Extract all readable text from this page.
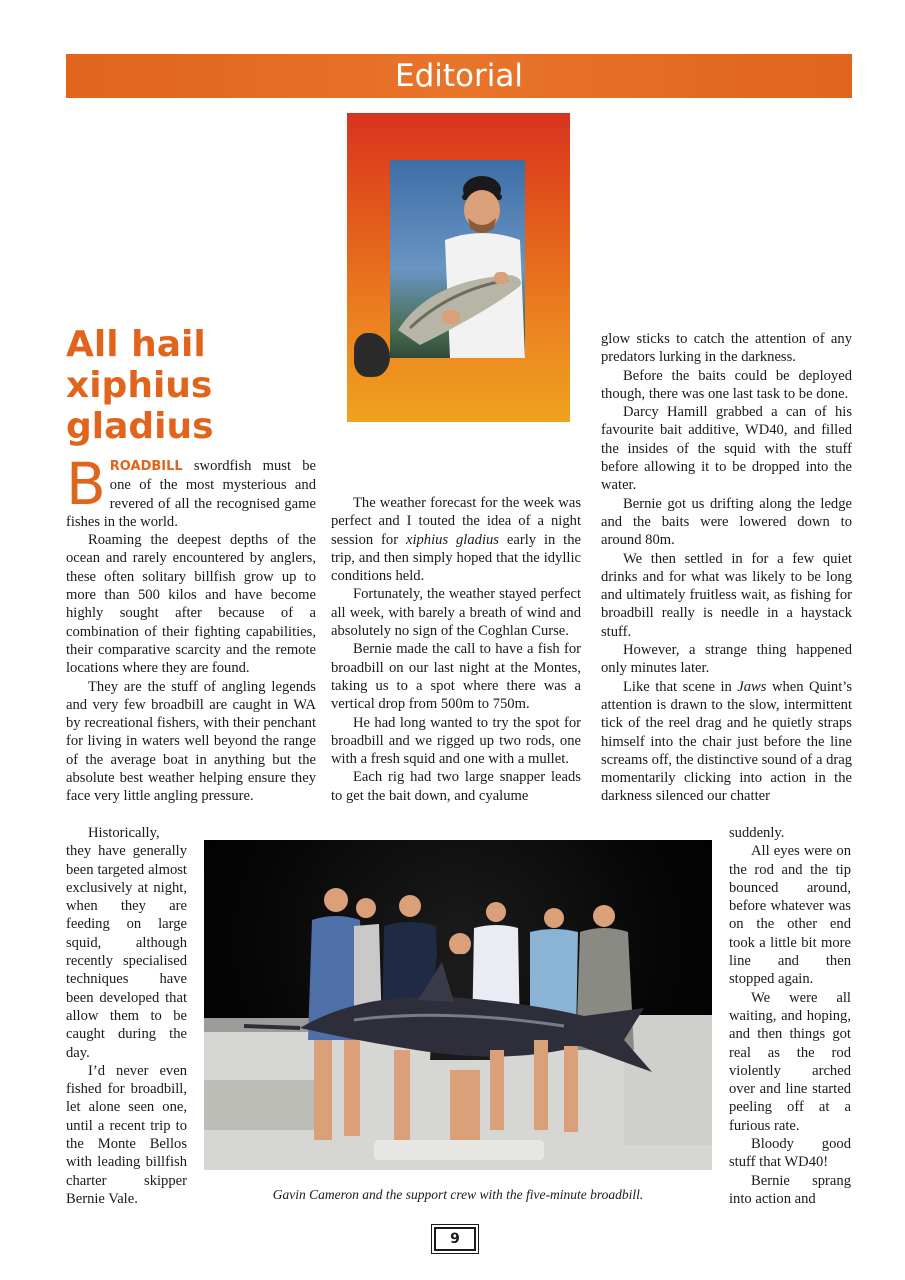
Editorial
All hail
xiphius
gladius

BROADBILL swordfish must be one of the most mysterious and revered of all the recognised game fishes in the world.

Roaming the deepest depths of the ocean and rarely encountered by anglers, these often solitary billfish grow up to more than 500 kilos and have become highly sought after because of a combination of their fighting capabilities, their comparative scarcity and the remote locations where they are found.

They are the stuff of angling legends and very few broadbill are caught in WA by recreational fishers, with their penchant for living in waters well beyond the range of the average boat in anything but the absolute best weather helping ensure they face very little angling pressure.

Historically, they have generally been targeted almost exclusively at night, when they are feeding on large squid, although recently specialised techniques have been developed that allow them to be caught during the day.

I’d never even fished for broadbill, let alone seen one, until a recent trip to the Monte Bellos with leading billfish charter skipper Bernie Vale.

The weather forecast for the week was perfect and I touted the idea of a night session for xiphius gladius early in the trip, and then simply hoped that the idyllic conditions held.

Fortunately, the weather stayed perfect all week, with barely a breath of wind and absolutely no sign of the Coghlan Curse.

Bernie made the call to have a fish for broadbill on our last night at the Montes, taking us to a spot where there was a vertical drop from 500m to 750m.

He had long wanted to try the spot for broadbill and we rigged up two rods, one with a fresh squid and one with a mullet.

Each rig had two large snapper leads to get the bait down, and cyalume

glow sticks to catch the attention of any predators lurking in the darkness.

Before the baits could be deployed though, there was one last task to be done.

Darcy Hamill grabbed a can of his favourite bait additive, WD40, and filled the insides of the squid with the stuff before allowing it to be dropped into the water.

Bernie got us drifting along the ledge and the baits were lowered down to around 80m.

We then settled in for a few quiet drinks and for what was likely to be long and ultimately fruitless wait, as fishing for broadbill really is needle in a haystack stuff.

However, a strange thing happened only minutes later.

Like that scene in Jaws when Quint’s attention is drawn to the slow, intermittent tick of the reel drag and he quietly straps himself into the chair just before the line screams off, the distinctive sound of a drag momentarily clicking into action in the darkness silenced our chatter

suddenly.

All eyes were on the rod and the tip bounced around, before whatever was on the other end took a little bit more line and then stopped again.

We were all waiting, and hoping, and then things got real as the rod violently arched over and line started peeling off at a furious rate.

Bloody good stuff that WD40!

Bernie sprang into action and

Gavin Cameron and the support crew with the five-minute broadbill.

9
